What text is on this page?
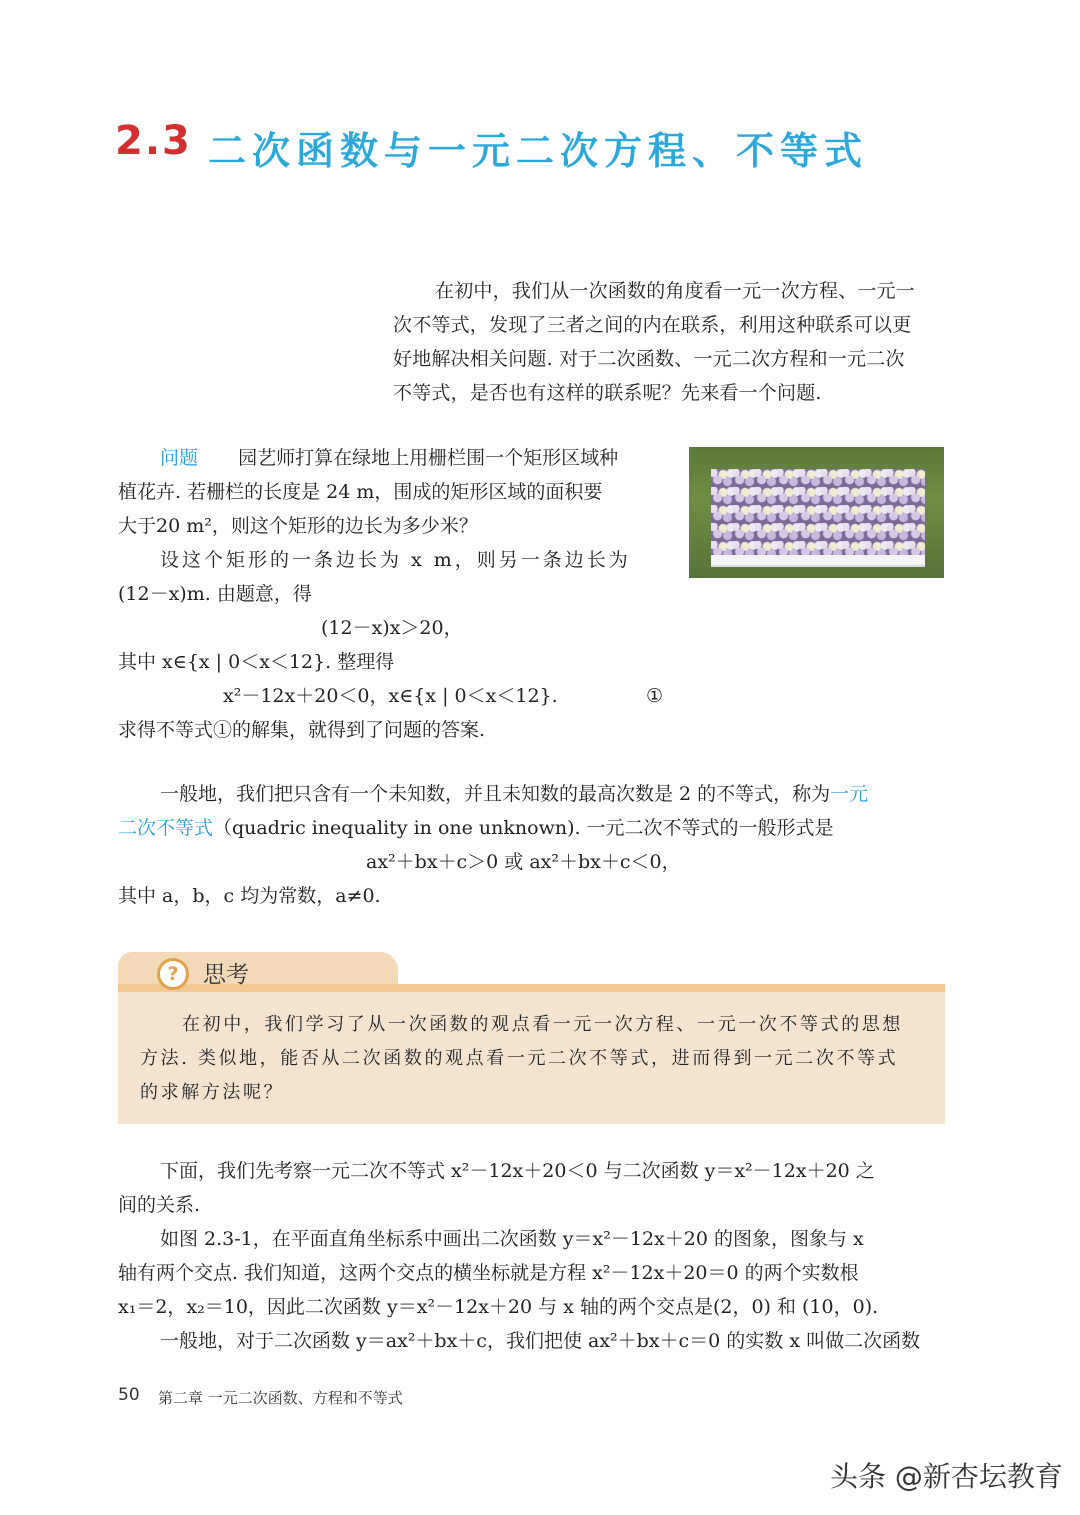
2.3 二次函数与一元二次方程、不等式
在初中，我们从一次函数的角度看一元一次方程、一元一
次不等式，发现了三者之间的内在联系，利用这种联系可以更
好地解决相关问题. 对于二次函数、一元二次方程和一元二次
不等式，是否也有这样的联系呢？先来看一个问题.
问题 园艺师打算在绿地上用栅栏围一个矩形区域种
植花卉. 若栅栏的长度是 24 m，围成的矩形区域的面积要
大于20 m²，则这个矩形的边长为多少米？
设这个矩形的一条边长为 x m，则另一条边长为
(12－x)m. 由题意，得
(12－x)x＞20，
其中 x∈{x | 0＜x＜12}. 整理得
x²－12x＋20＜0，x∈{x | 0＜x＜12}.	①
求得不等式①的解集，就得到了问题的答案.
一般地，我们把只含有一个未知数，并且未知数的最高次数是 2 的不等式，称为一元
二次不等式（quadric inequality in one unknown). 一元二次不等式的一般形式是
ax²＋bx＋c＞0 或 ax²＋bx＋c＜0，
其中 a，b，c 均为常数，a≠0.
?	思考
在初中，我们学习了从一次函数的观点看一元一次方程、一元一次不等式的思想
方法. 类似地，能否从二次函数的观点看一元二次不等式，进而得到一元二次不等式
的求解方法呢？
下面，我们先考察一元二次不等式 x²－12x＋20＜0 与二次函数 y＝x²－12x＋20 之
间的关系.
如图 2.3-1，在平面直角坐标系中画出二次函数 y＝x²－12x＋20 的图象，图象与 x
轴有两个交点. 我们知道，这两个交点的横坐标就是方程 x²－12x＋20＝0 的两个实数根
x₁＝2，x₂＝10，因此二次函数 y＝x²－12x＋20 与 x 轴的两个交点是(2，0) 和 (10，0).
一般地，对于二次函数 y＝ax²＋bx＋c，我们把使 ax²＋bx＋c＝0 的实数 x 叫做二次函数
50 第二章 一元二次函数、方程和不等式
头条 @新杏坛教育
